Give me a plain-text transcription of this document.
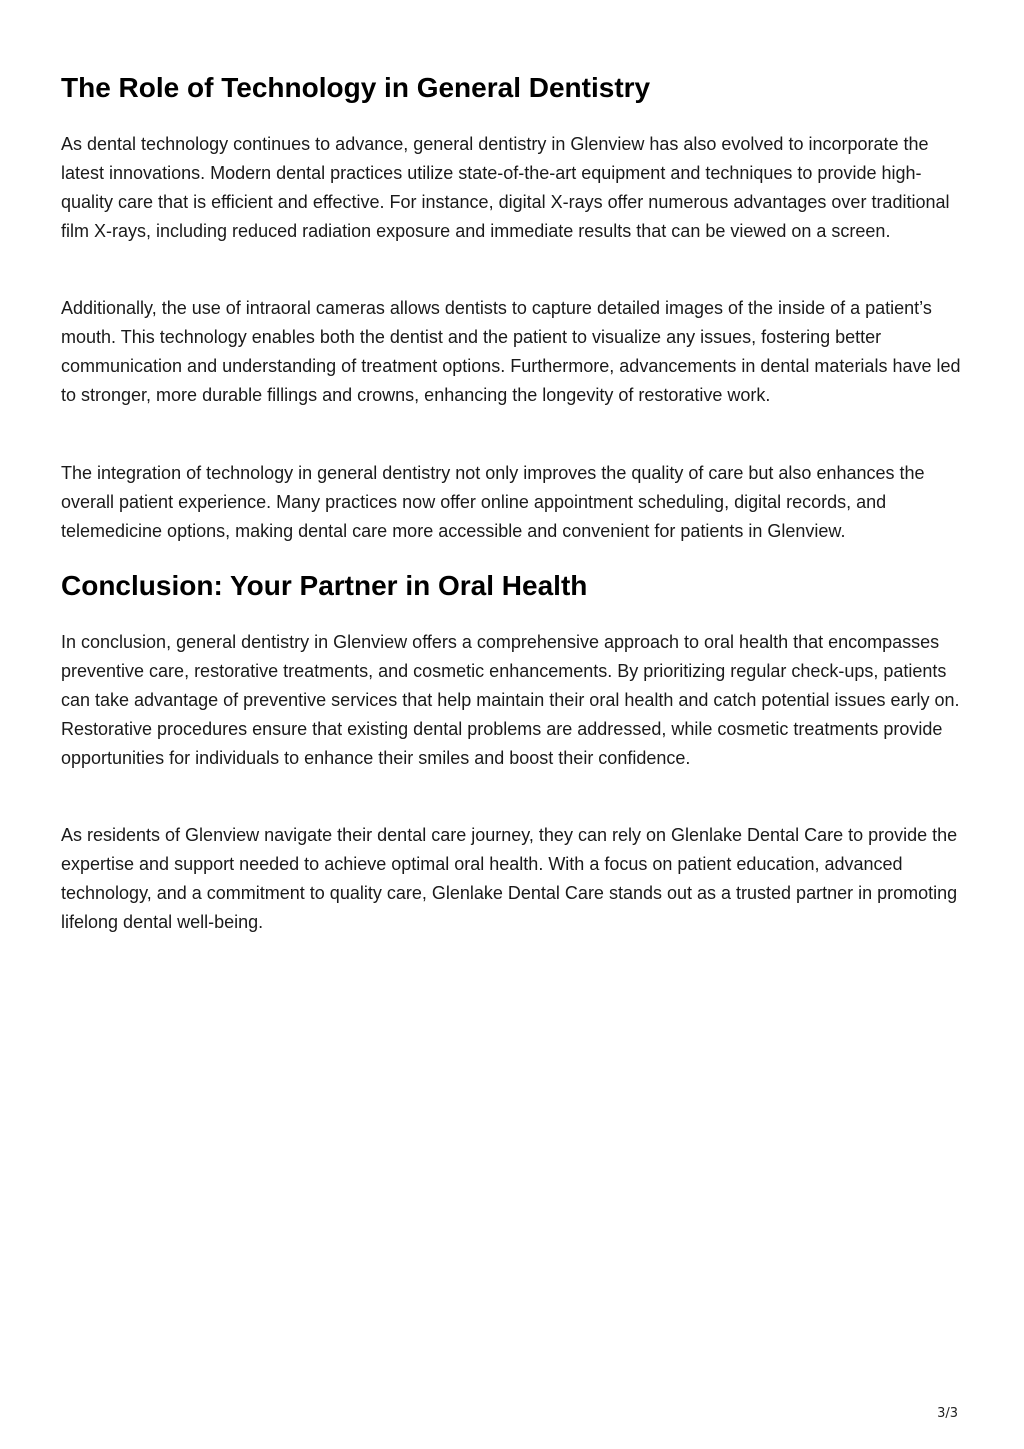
The Role of Technology in General Dentistry

As dental technology continues to advance, general dentistry in Glenview has also evolved to incorporate the latest innovations. Modern dental practices utilize state-of-the-art equipment and techniques to provide high-quality care that is efficient and effective. For instance, digital X-rays offer numerous advantages over traditional film X-rays, including reduced radiation exposure and immediate results that can be viewed on a screen.

Additionally, the use of intraoral cameras allows dentists to capture detailed images of the inside of a patient’s mouth. This technology enables both the dentist and the patient to visualize any issues, fostering better communication and understanding of treatment options. Furthermore, advancements in dental materials have led to stronger, more durable fillings and crowns, enhancing the longevity of restorative work.

The integration of technology in general dentistry not only improves the quality of care but also enhances the overall patient experience. Many practices now offer online appointment scheduling, digital records, and telemedicine options, making dental care more accessible and convenient for patients in Glenview.

Conclusion: Your Partner in Oral Health

In conclusion, general dentistry in Glenview offers a comprehensive approach to oral health that encompasses preventive care, restorative treatments, and cosmetic enhancements. By prioritizing regular check-ups, patients can take advantage of preventive services that help maintain their oral health and catch potential issues early on. Restorative procedures ensure that existing dental problems are addressed, while cosmetic treatments provide opportunities for individuals to enhance their smiles and boost their confidence.

As residents of Glenview navigate their dental care journey, they can rely on Glenlake Dental Care to provide the expertise and support needed to achieve optimal oral health. With a focus on patient education, advanced technology, and a commitment to quality care, Glenlake Dental Care stands out as a trusted partner in promoting lifelong dental well-being.

3/3
